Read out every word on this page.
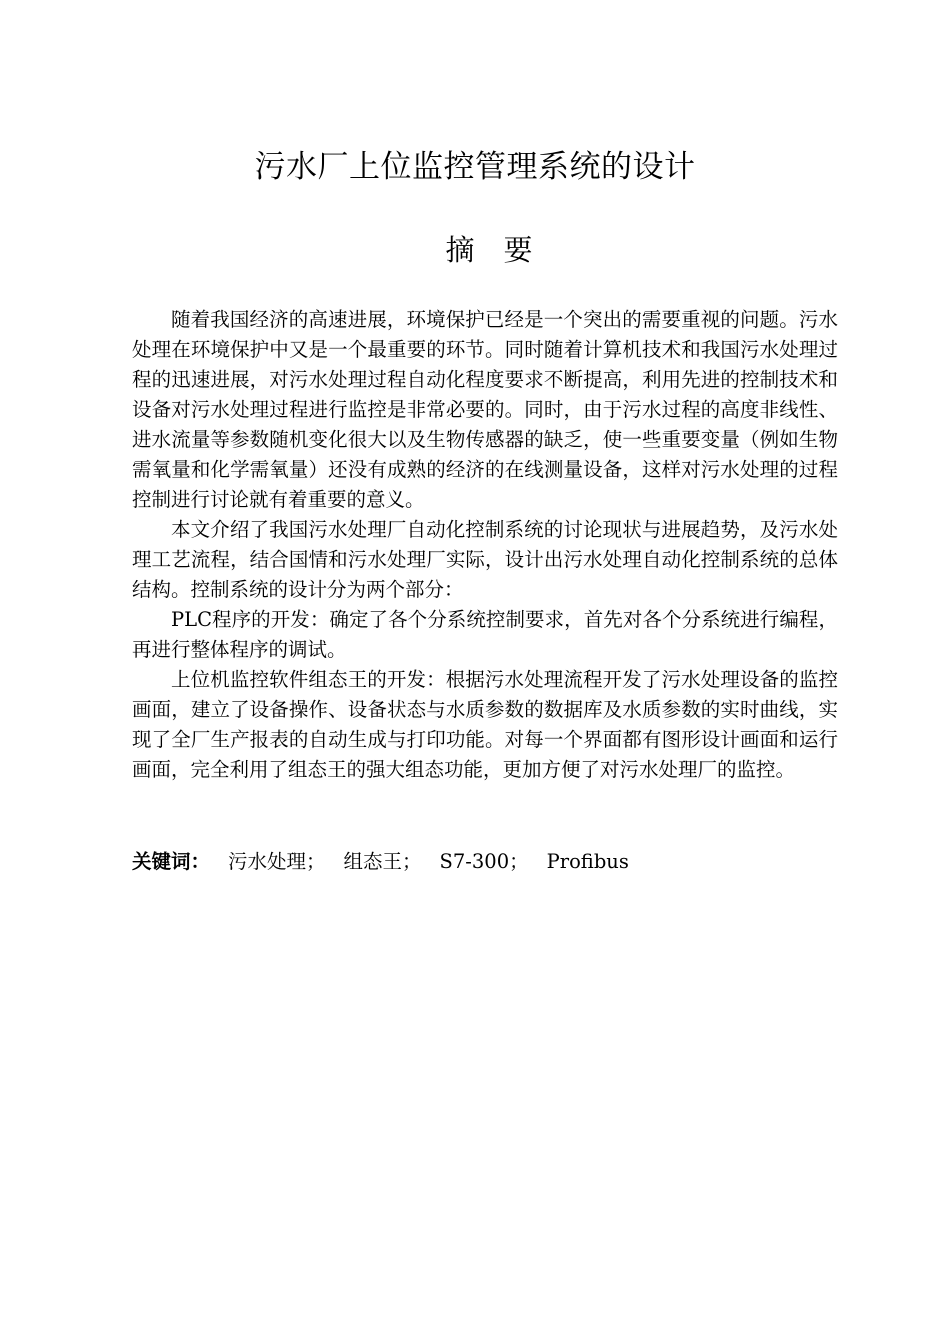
污水厂上位监控管理系统的设计
摘　要

随着我国经济的高速进展，环境保护已经是一个突出的需要重视的问题。污水处理在环境保护中又是一个最重要的环节。同时随着计算机技术和我国污水处理过程的迅速进展，对污水处理过程自动化程度要求不断提高，利用先进的控制技术和设备对污水处理过程进行监控是非常必要的。同时，由于污水过程的高度非线性、进水流量等参数随机变化很大以及生物传感器的缺乏，使一些重要变量（例如生物需氧量和化学需氧量）还没有成熟的经济的在线测量设备，这样对污水处理的过程控制进行讨论就有着重要的意义。

本文介绍了我国污水处理厂自动化控制系统的讨论现状与进展趋势，及污水处理工艺流程，结合国情和污水处理厂实际，设计出污水处理自动化控制系统的总体结构。控制系统的设计分为两个部分：

PLC程序的开发：确定了各个分系统控制要求，首先对各个分系统进行编程，再进行整体程序的调试。

上位机监控软件组态王的开发：根据污水处理流程开发了污水处理设备的监控画面，建立了设备操作、设备状态与水质参数的数据库及水质参数的实时曲线，实现了全厂生产报表的自动生成与打印功能。对每一个界面都有图形设计画面和运行画面，完全利用了组态王的强大组态功能，更加方便了对污水处理厂的监控。

关键词： 污水处理； 组态王； S7-300； Profibus
